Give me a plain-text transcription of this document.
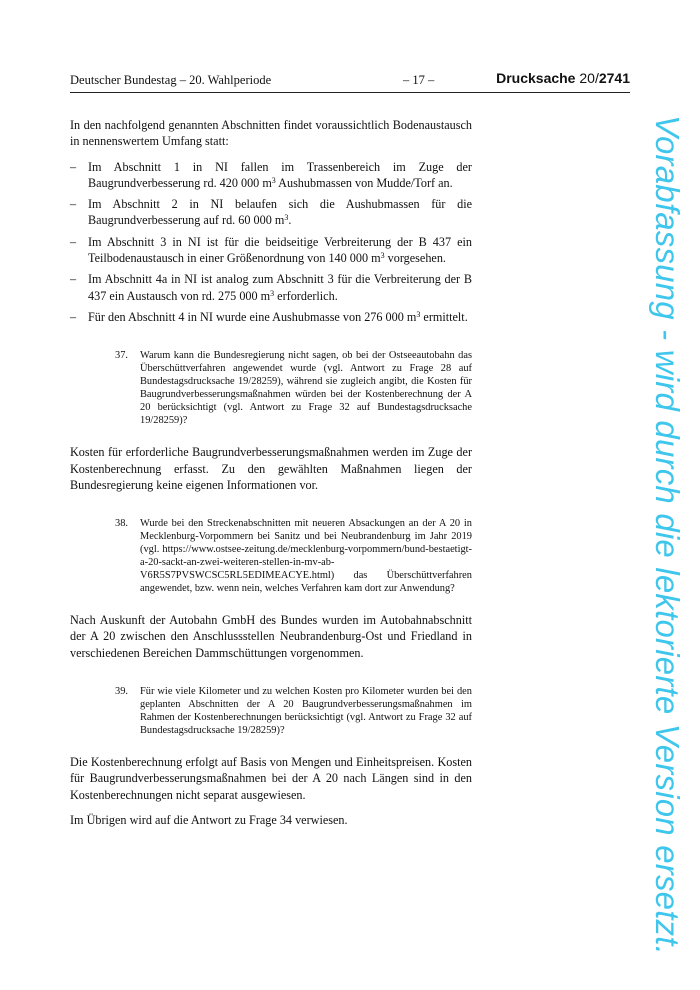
Deutscher Bundestag – 20. Wahlperiode	– 17 –	Drucksache 20/2741

In den nachfolgend genannten Abschnitten findet voraussichtlich Bodenaustausch in nennenswertem Umfang statt:

– Im Abschnitt 1 in NI fallen im Trassenbereich im Zuge der Baugrundverbesserung rd. 420 000 $m^3$ Aushubmassen von Mudde/Torf an.
– Im Abschnitt 2 in NI belaufen sich die Aushubmassen für die Baugrundverbesserung auf rd. 60 000 $m^3$.
– Im Abschnitt 3 in NI ist für die beidseitige Verbreiterung der B 437 ein Teilbodenaustausch in einer Größenordnung von 140 000 $m^3$ vorgesehen.
– Im Abschnitt 4a in NI ist analog zum Abschnitt 3 für die Verbreiterung der B 437 ein Austausch von rd. 275 000 $m^3$ erforderlich.
– Für den Abschnitt 4 in NI wurde eine Aushubmasse von 276 000 $m^3$ ermittelt.
37. Warum kann die Bundesregierung nicht sagen, ob bei der Ostseeautobahn das Überschüttverfahren angewendet wurde (vgl. Antwort zu Frage 28 auf Bundestagsdrucksache 19/28259), während sie zugleich angibt, die Kosten für Baugrundverbesserungsmaßnahmen würden bei der Kostenberechnung der A 20 berücksichtigt (vgl. Antwort zu Frage 32 auf Bundestagsdrucksache 19/28259)?

Kosten für erforderliche Baugrundverbesserungsmaßnahmen werden im Zuge der Kostenberechnung erfasst. Zu den gewählten Maßnahmen liegen der Bundesregierung keine eigenen Informationen vor.

38. Wurde bei den Streckenabschnitten mit neueren Absackungen an der A 20 in Mecklenburg-Vorpommern bei Sanitz und bei Neubrandenburg im Jahr 2019 (vgl. https://www.ostsee-zeitung.de/mecklenburg-vorpommern/bund-bestaetigt-a-20-sackt-an-zwei-weiteren-stellen-in-mv-ab-V6R5S7PVSWCSC5RL5EDIMEACYE.html) das Überschüttverfahren angewendet, bzw. wenn nein, welches Verfahren kam dort zur Anwendung?

Nach Auskunft der Autobahn GmbH des Bundes wurden im Autobahnabschnitt der A 20 zwischen den Anschlussstellen Neubrandenburg-Ost und Friedland in verschiedenen Bereichen Dammschüttungen vorgenommen.

39. Für wie viele Kilometer und zu welchen Kosten pro Kilometer wurden bei den geplanten Abschnitten der A 20 Baugrundverbesserungsmaßnahmen im Rahmen der Kostenberechnungen berücksichtigt (vgl. Antwort zu Frage 32 auf Bundestagsdrucksache 19/28259)?

Die Kostenberechnung erfolgt auf Basis von Mengen und Einheitspreisen. Kosten für Baugrundverbesserungsmaßnahmen bei der A 20 nach Längen sind in den Kostenberechnungen nicht separat ausgewiesen.

Im Übrigen wird auf die Antwort zu Frage 34 verwiesen.	Vorabfassung - wird durch die lektorierte Version ersetzt.
